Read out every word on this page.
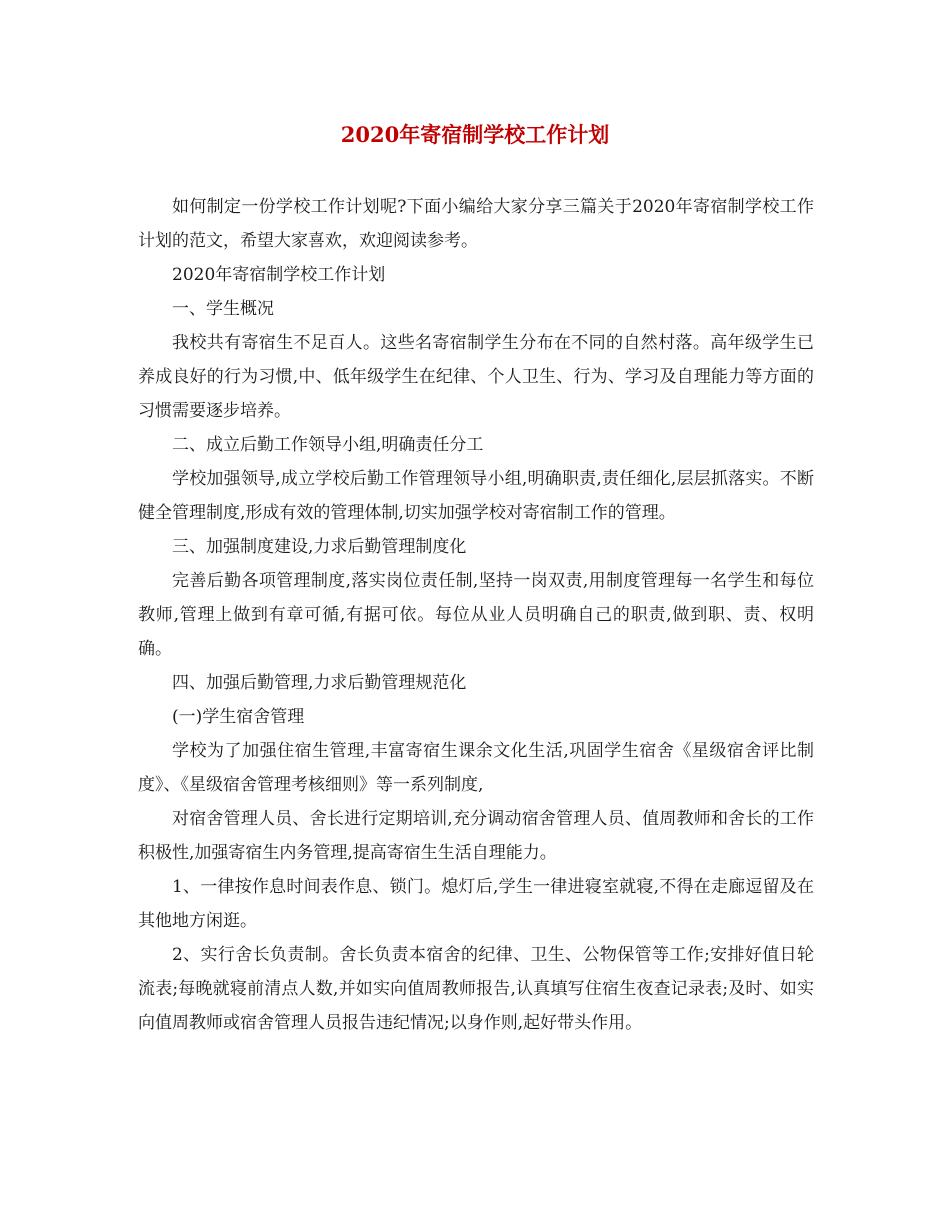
2020年寄宿制学校工作计划

如何制定一份学校工作计划呢?下面小编给大家分享三篇关于2020年寄宿制学校工作计划的范文，希望大家喜欢，欢迎阅读参考。

2020年寄宿制学校工作计划

一、学生概况

我校共有寄宿生不足百人。这些名寄宿制学生分布在不同的自然村落。高年级学生已养成良好的行为习惯,中、低年级学生在纪律、个人卫生、行为、学习及自理能力等方面的习惯需要逐步培养。

二、成立后勤工作领导小组,明确责任分工

学校加强领导,成立学校后勤工作管理领导小组,明确职责,责任细化,层层抓落实。不断健全管理制度,形成有效的管理体制,切实加强学校对寄宿制工作的管理。

三、加强制度建设,力求后勤管理制度化

完善后勤各项管理制度,落实岗位责任制,坚持一岗双责,用制度管理每一名学生和每位教师,管理上做到有章可循,有据可依。每位从业人员明确自己的职责,做到职、责、权明确。

四、加强后勤管理,力求后勤管理规范化

(一)学生宿舍管理

学校为了加强住宿生管理,丰富寄宿生课余文化生活,巩固学生宿舍《星级宿舍评比制度》、《星级宿舍管理考核细则》等一系列制度,

对宿舍管理人员、舍长进行定期培训,充分调动宿舍管理人员、值周教师和舍长的工作积极性,加强寄宿生内务管理,提高寄宿生生活自理能力。

1、一律按作息时间表作息、锁门。熄灯后,学生一律进寝室就寝,不得在走廊逗留及在其他地方闲逛。

2、实行舍长负责制。舍长负责本宿舍的纪律、卫生、公物保管等工作;安排好值日轮流表;每晚就寝前清点人数,并如实向值周教师报告,认真填写住宿生夜查记录表;及时、如实向值周教师或宿舍管理人员报告违纪情况;以身作则,起好带头作用。
